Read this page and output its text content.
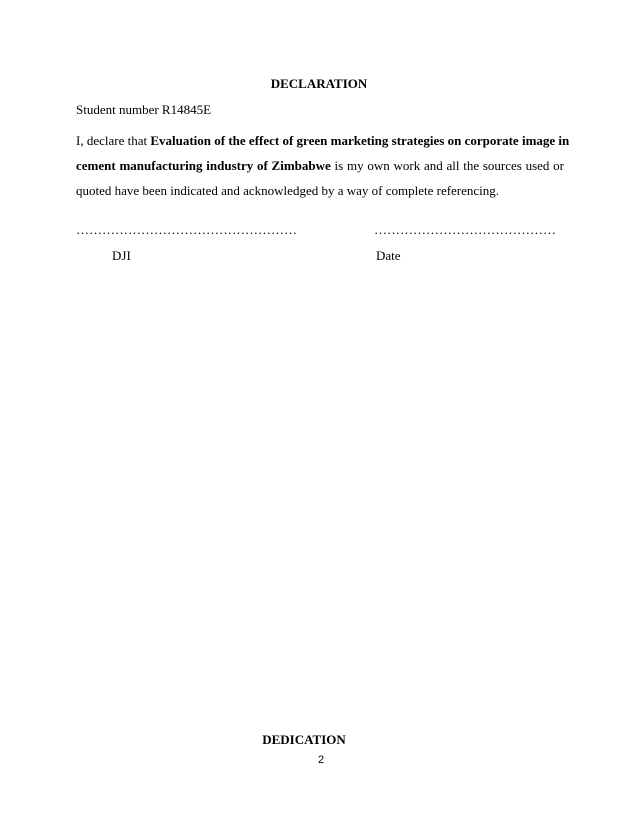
DECLARATION
Student number R14845E
I, declare that Evaluation of the effect of green marketing strategies on corporate image in
cement manufacturing industry of Zimbabwe is my own work and all the sources used or
quoted have been indicated and acknowledged by a way of complete referencing.
……………………………………………	……………………………………
DJI	Date
DEDICATION
2
